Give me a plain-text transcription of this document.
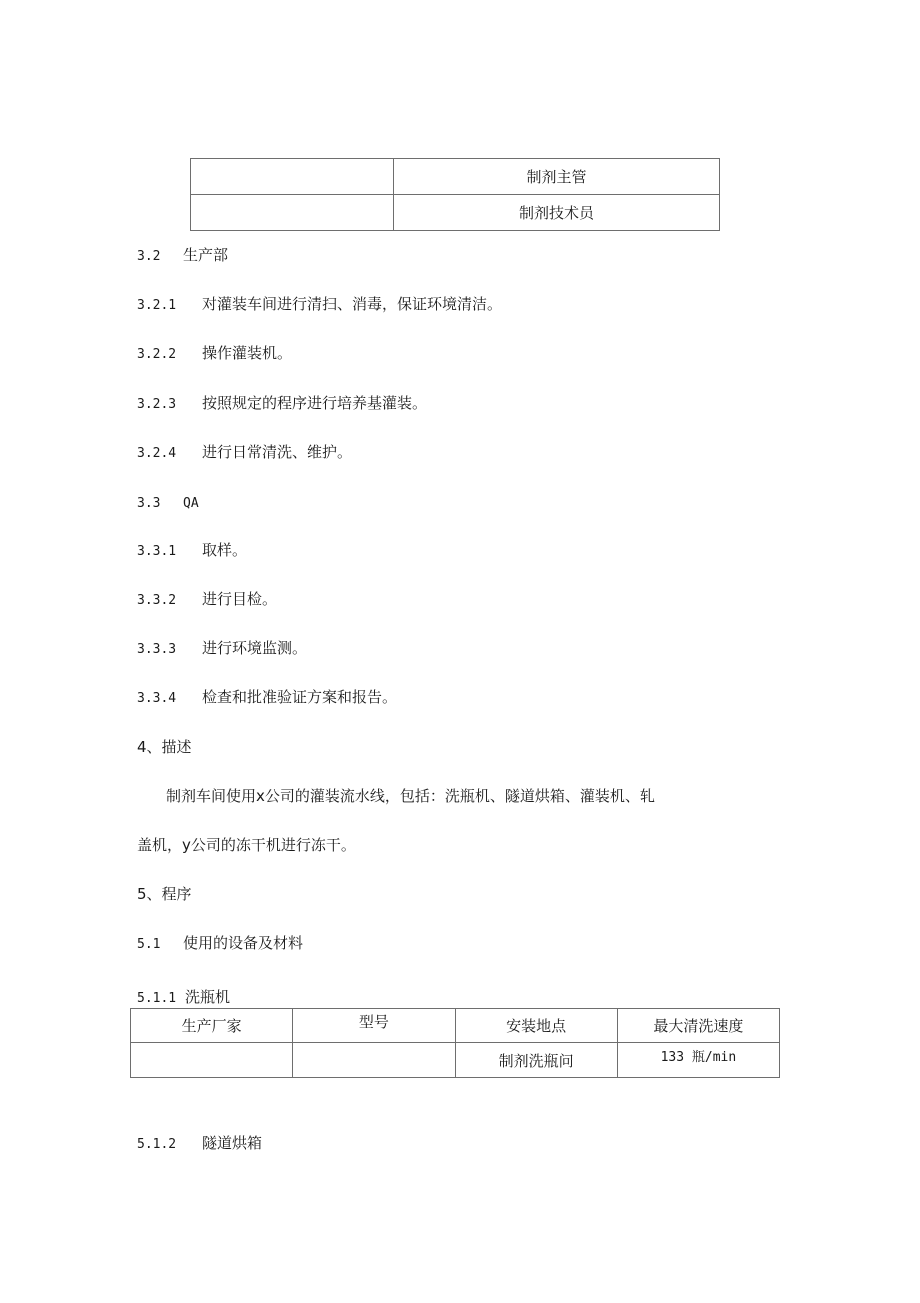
	制剂主管
	制剂技术员
3.2 生产部
3.2.1 对灌装车间进行清扫、消毒，保证环境清洁。
3.2.2 操作灌装机。
3.2.3 按照规定的程序进行培养基灌装。
3.2.4 进行日常清洗、维护。
3.3 QA
3.3.1 取样。
3.3.2 进行目检。
3.3.3 进行环境监测。
3.3.4 检查和批准验证方案和报告。
4、描述
制剂车间使用x公司的灌装流水线，包括：洗瓶机、隧道烘箱、灌装机、轧
盖机，y公司的冻干机进行冻干。
5、程序
5.1 使用的设备及材料
5.1.1 洗瓶机
生产厂家	型号	安装地点	最大清洗速度
		制剂洗瓶问	133 瓶/min
5.1.2 隧道烘箱
